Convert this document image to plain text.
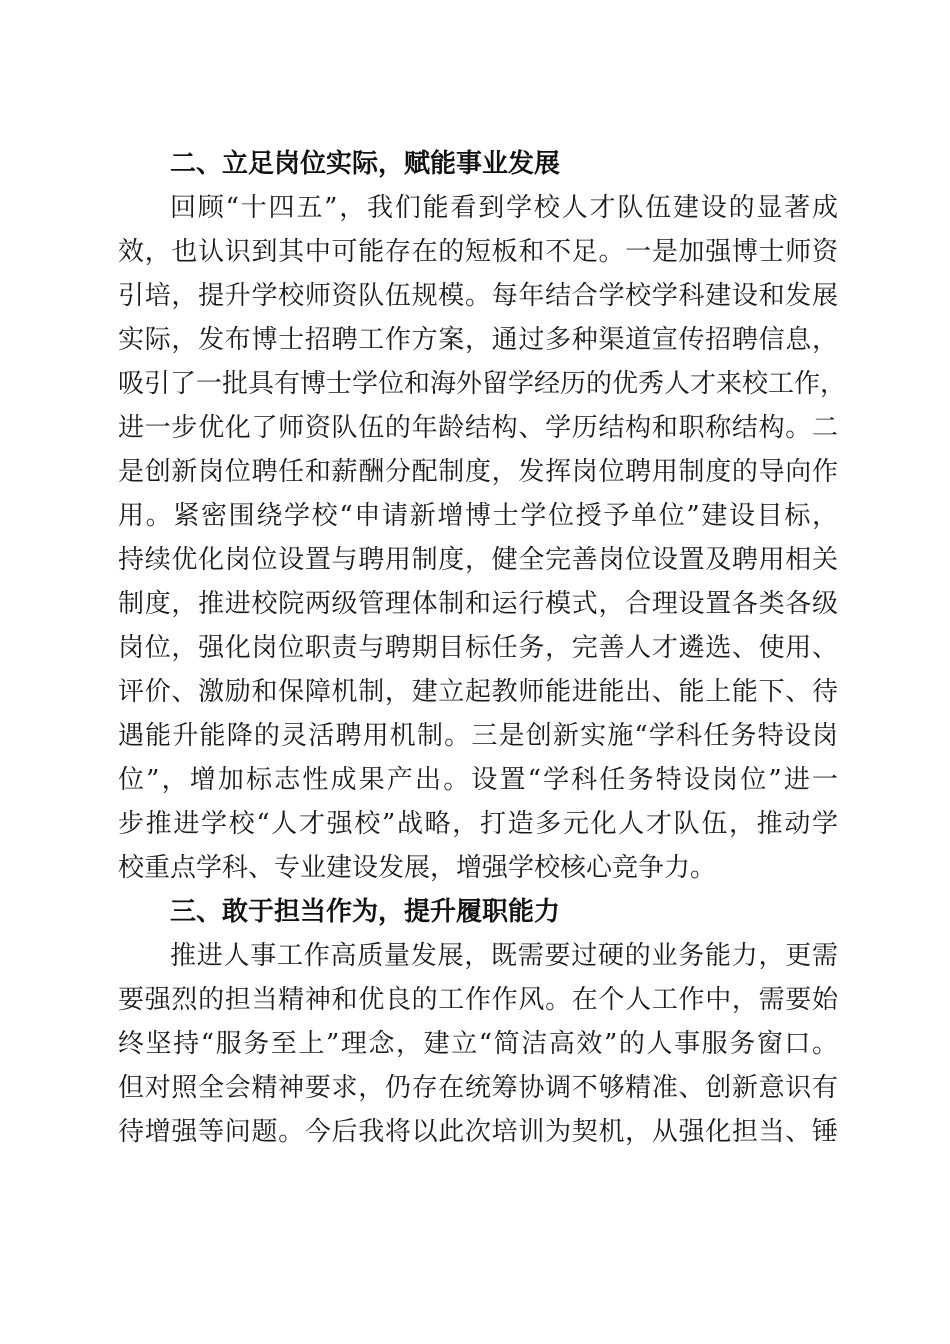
二、立足岗位实际，赋能事业发展
回顾“十四五”，我们能看到学校人才队伍建设的显著成
效，也认识到其中可能存在的短板和不足。一是加强博士师资
引培，提升学校师资队伍规模。每年结合学校学科建设和发展
实际，发布博士招聘工作方案，通过多种渠道宣传招聘信息，
吸引了一批具有博士学位和海外留学经历的优秀人才来校工作，
进一步优化了师资队伍的年龄结构、学历结构和职称结构。二
是创新岗位聘任和薪酬分配制度，发挥岗位聘用制度的导向作
用。紧密围绕学校“申请新增博士学位授予单位”建设目标，
持续优化岗位设置与聘用制度，健全完善岗位设置及聘用相关
制度，推进校院两级管理体制和运行模式，合理设置各类各级
岗位，强化岗位职责与聘期目标任务，完善人才遴选、使用、
评价、激励和保障机制，建立起教师能进能出、能上能下、待
遇能升能降的灵活聘用机制。三是创新实施“学科任务特设岗
位”，增加标志性成果产出。设置“学科任务特设岗位”进一
步推进学校“人才强校”战略，打造多元化人才队伍，推动学
校重点学科、专业建设发展，增强学校核心竞争力。
三、敢于担当作为，提升履职能力
推进人事工作高质量发展，既需要过硬的业务能力，更需
要强烈的担当精神和优良的工作作风。在个人工作中，需要始
终坚持“服务至上”理念，建立“简洁高效”的人事服务窗口。
但对照全会精神要求，仍存在统筹协调不够精准、创新意识有
待增强等问题。今后我将以此次培训为契机，从强化担当、锤
